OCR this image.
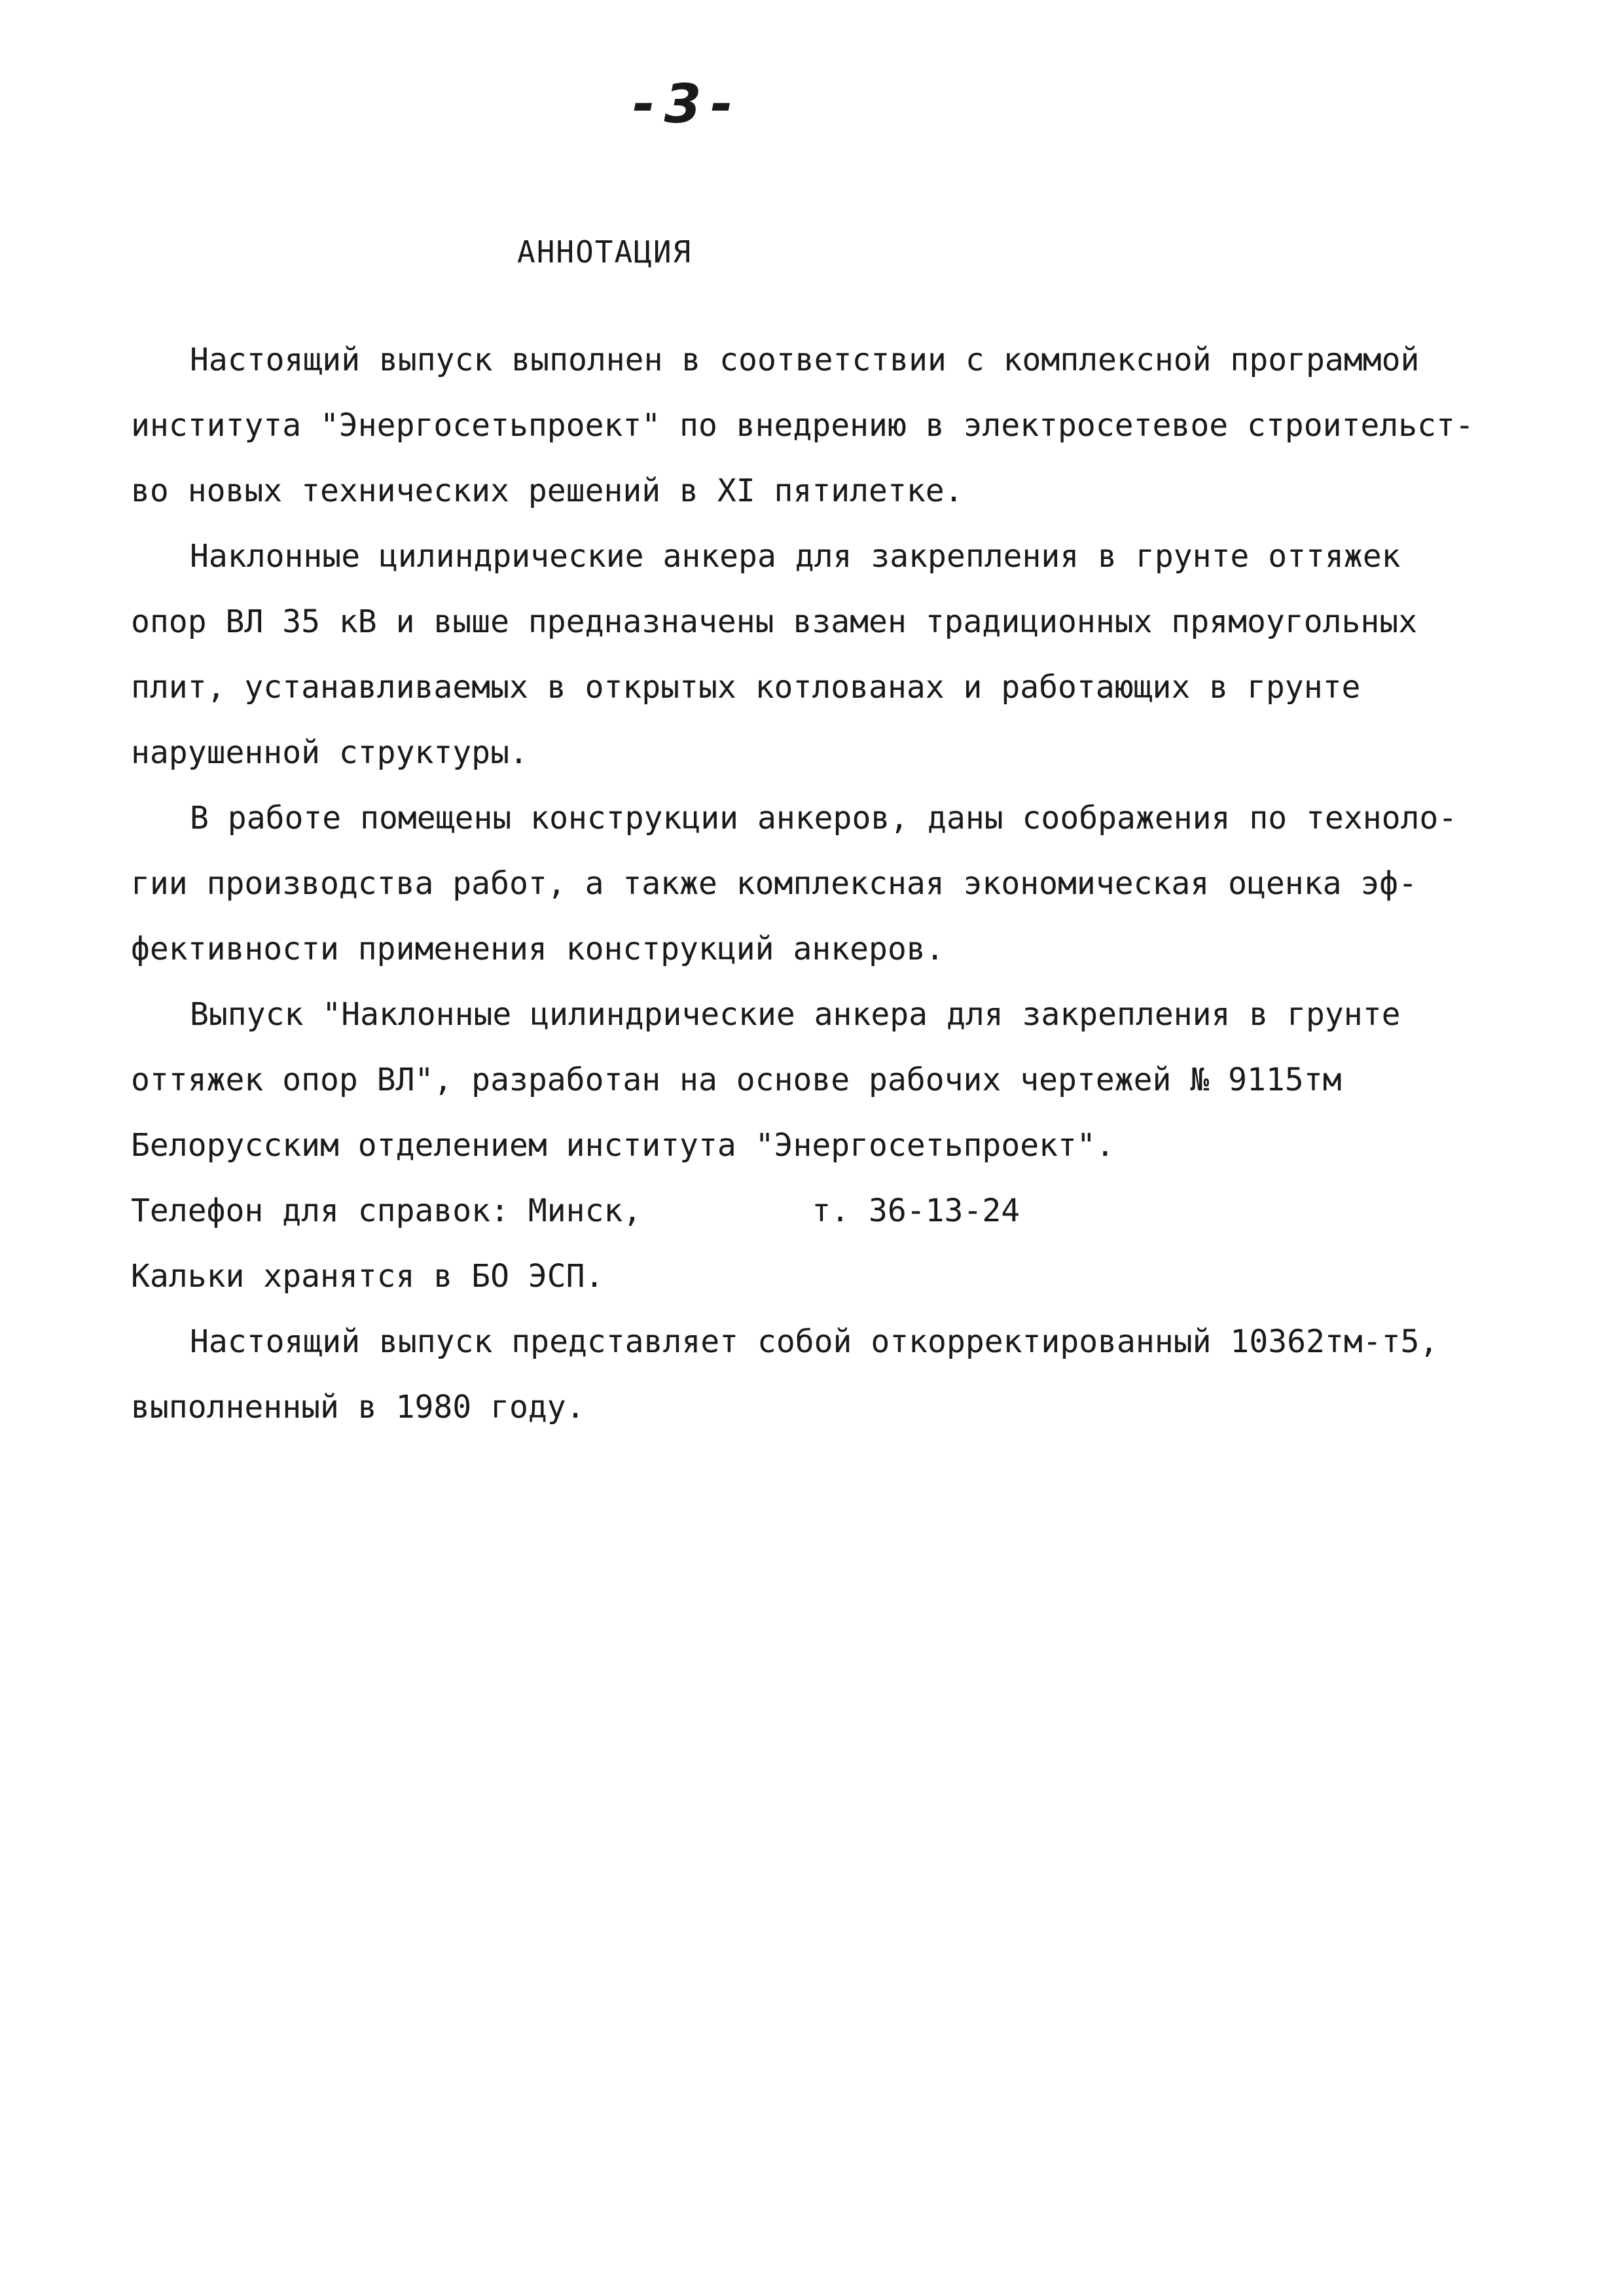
-3-
АННОТАЦИЯ
Настоящий выпуск выполнен в соответствии с комплексной программой
института "Энергосетьпроект" по внедрению в электросетевое строительст-
во новых технических решений в XI пятилетке.
Наклонные цилиндрические анкера для закрепления в грунте оттяжек
опор ВЛ 35 кВ и выше предназначены взамен традиционных прямоугольных
плит, устанавливаемых в открытых котлованах и работающих в грунте
нарушенной структуры.
В работе помещены конструкции анкеров, даны соображения по техноло-
гии производства работ, а также комплексная экономическая оценка эф-
фективности применения конструкций анкеров.
Выпуск "Наклонные цилиндрические анкера для закрепления в грунте
оттяжек опор ВЛ", разработан на основе рабочих чертежей № 9115тм
Белорусским отделением института "Энергосетьпроект".
Телефон для справок: Минск,	т. 36-13-24
Кальки хранятся в БО ЭСП.
Настоящий выпуск представляет собой откорректированный 10362тм-т5,
выполненный в 1980 году.
